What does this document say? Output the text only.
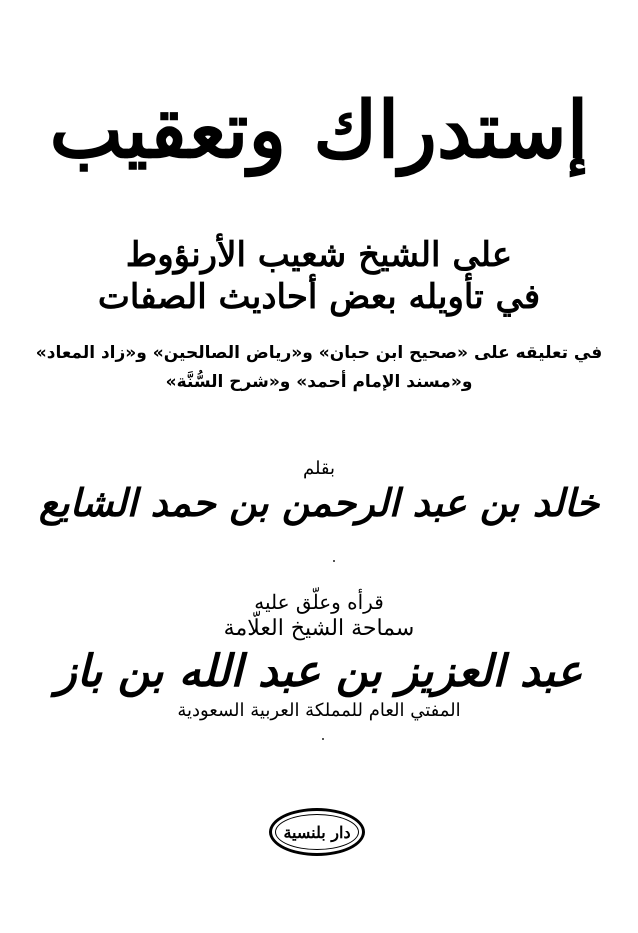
إستدراك وتعقيب
على الشيخ شعيب الأرنؤوط
في تأويله بعض أحاديث الصفات
في تعليقه على «صحيح ابن حبان» و«رياض الصالحين» و«زاد المعاد»
و«مسند الإمام أحمد» و«شرح السُّنَّة»
بقلم
خالد بن عبد الرحمن بن حمد الشايع
قرأه وعلّق عليه
سماحة الشيخ العلّامة
عبد العزيز بن عبد الله بن باز
المفتي العام للمملكة العربية السعودية
دار بلنسية
